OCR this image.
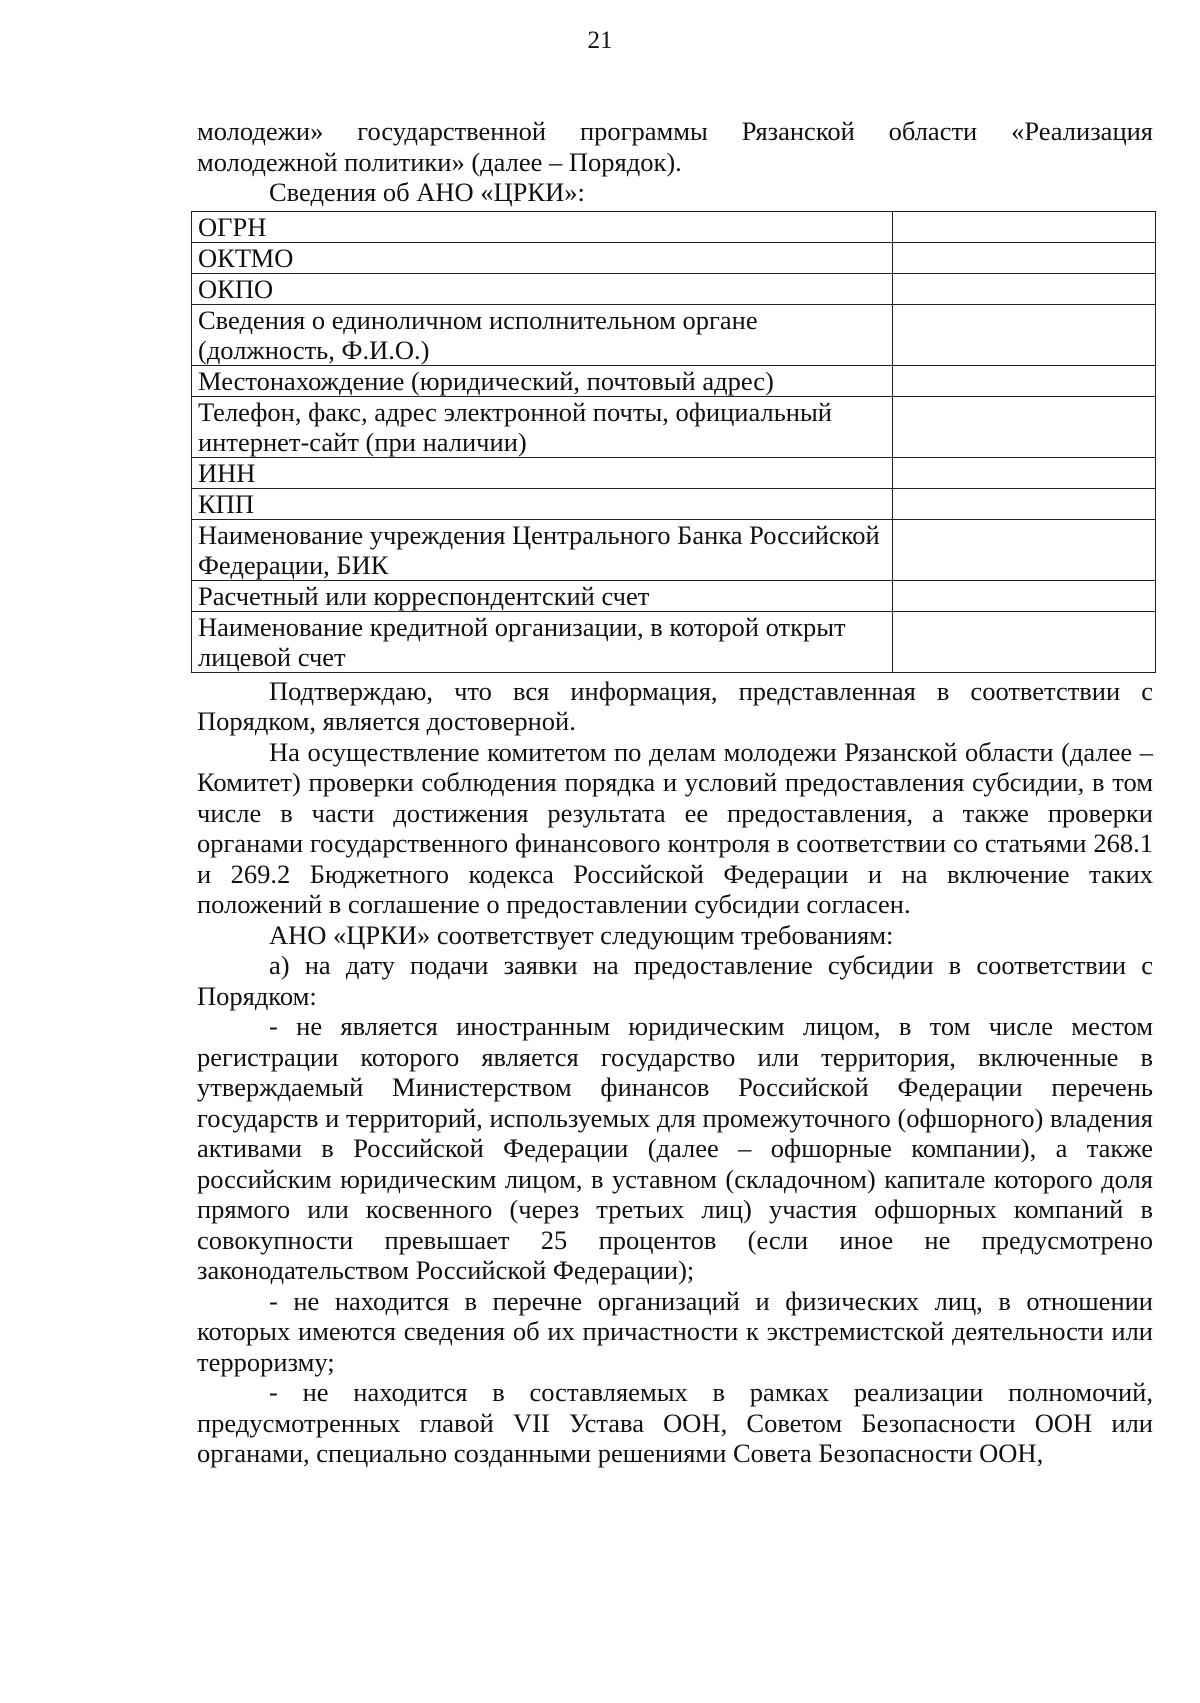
21

молодежи» государственной программы Рязанской области «Реализация молодежной политики» (далее – Порядок).

Сведения об АНО «ЦРКИ»:

ОГРН	
ОКТМО	
ОКПО	
Сведения о единоличном исполнительном органе (должность, Ф.И.О.)	
Местонахождение (юридический, почтовый адрес)	
Телефон, факс, адрес электронной почты, официальный интернет-сайт (при наличии)	
ИНН	
КПП	
Наименование учреждения Центрального Банка Российской Федерации, БИК	
Расчетный или корреспондентский счет	
Наименование кредитной организации, в которой открыт лицевой счет	

Подтверждаю, что вся информация, представленная в соответствии с Порядком, является достоверной.

На осуществление комитетом по делам молодежи Рязанской области (далее – Комитет) проверки соблюдения порядка и условий предоставления субсидии, в том числе в части достижения результата ее предоставления, а также проверки органами государственного финансового контроля в соответствии со статьями 268.1 и 269.2 Бюджетного кодекса Российской Федерации и на включение таких положений в соглашение о предоставлении субсидии согласен.

АНО «ЦРКИ» соответствует следующим требованиям:

а) на дату подачи заявки на предоставление субсидии в соответствии с Порядком:

- не является иностранным юридическим лицом, в том числе местом регистрации которого является государство или территория, включенные в утверждаемый Министерством финансов Российской Федерации перечень государств и территорий, используемых для промежуточного (офшорного) владения активами в Российской Федерации (далее – офшорные компании), а также российским юридическим лицом, в уставном (складочном) капитале которого доля прямого или косвенного (через третьих лиц) участия офшорных компаний в совокупности превышает 25 процентов (если иное не предусмотрено законодательством Российской Федерации);

- не находится в перечне организаций и физических лиц, в отношении которых имеются сведения об их причастности к экстремистской деятельности или терроризму;

- не находится в составляемых в рамках реализации полномочий, предусмотренных главой VII Устава ООН, Советом Безопасности ООН или органами, специально созданными решениями Совета Безопасности ООН,
